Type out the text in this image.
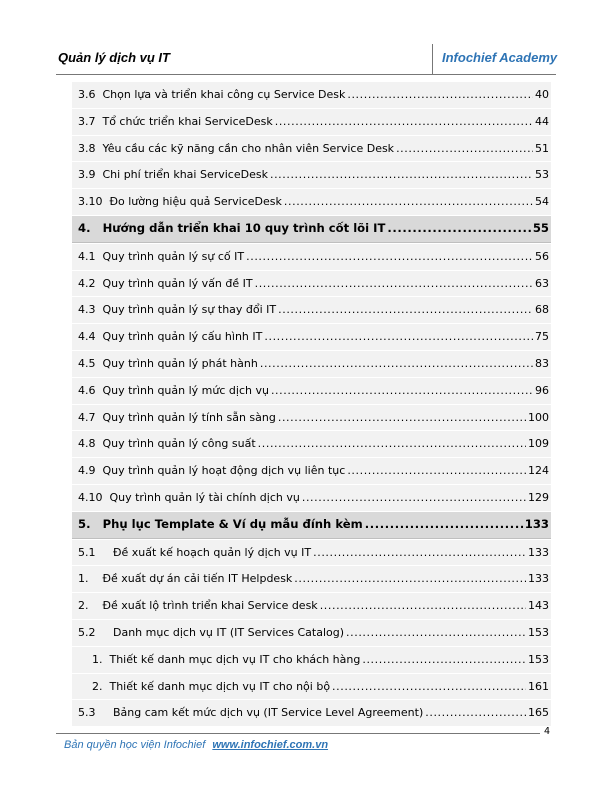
Quản lý dịch vụ IT	Infochief Academy
3.6  Chọn lựa và triển khai công cụ Service Desk .....	40
3.7  Tổ chức triển khai ServiceDesk .....	44
3.8  Yêu cầu các kỹ năng cần cho nhân viên Service Desk .....	51
3.9  Chi phí triển khai ServiceDesk .....	53
3.10  Đo lường hiệu quả ServiceDesk .....	54
4.   Hướng dẫn triển khai 10 quy trình cốt lõi IT .....	55
4.1  Quy trình quản lý sự cố IT .....	56
4.2  Quy trình quản lý vấn đề IT .....	63
4.3  Quy trình quản lý sự thay đổi IT .....	68
4.4  Quy trình quản lý cấu hình IT .....	75
4.5  Quy trình quản lý phát hành .....	83
4.6  Quy trình quản lý mức dịch vụ .....	96
4.7  Quy trình quản lý tính sẵn sàng .....	100
4.8  Quy trình quản lý công suất .....	109
4.9  Quy trình quản lý hoạt động dịch vụ liên tục .....	124
4.10  Quy trình quản lý tài chính dịch vụ .....	129
5.   Phụ lục Template & Ví dụ mẫu đính kèm .....	133
5.1     Đề xuất kế hoạch quản lý dịch vụ IT .....	133
1.    Đề xuất dự án cải tiến IT Helpdesk .....	133
2.    Đề xuất lộ trình triển khai Service desk .....	143
5.2     Danh mục dịch vụ IT (IT Services Catalog) .....	153
1.  Thiết kế danh mục dịch vụ IT cho khách hàng .....	153
2.  Thiết kế danh mục dịch vụ IT cho nội bộ .....	161
5.3     Bảng cam kết mức dịch vụ (IT Service Level Agreement) .....	165
4
Bản quyền học viện Infochief www.infochief.com.vn
